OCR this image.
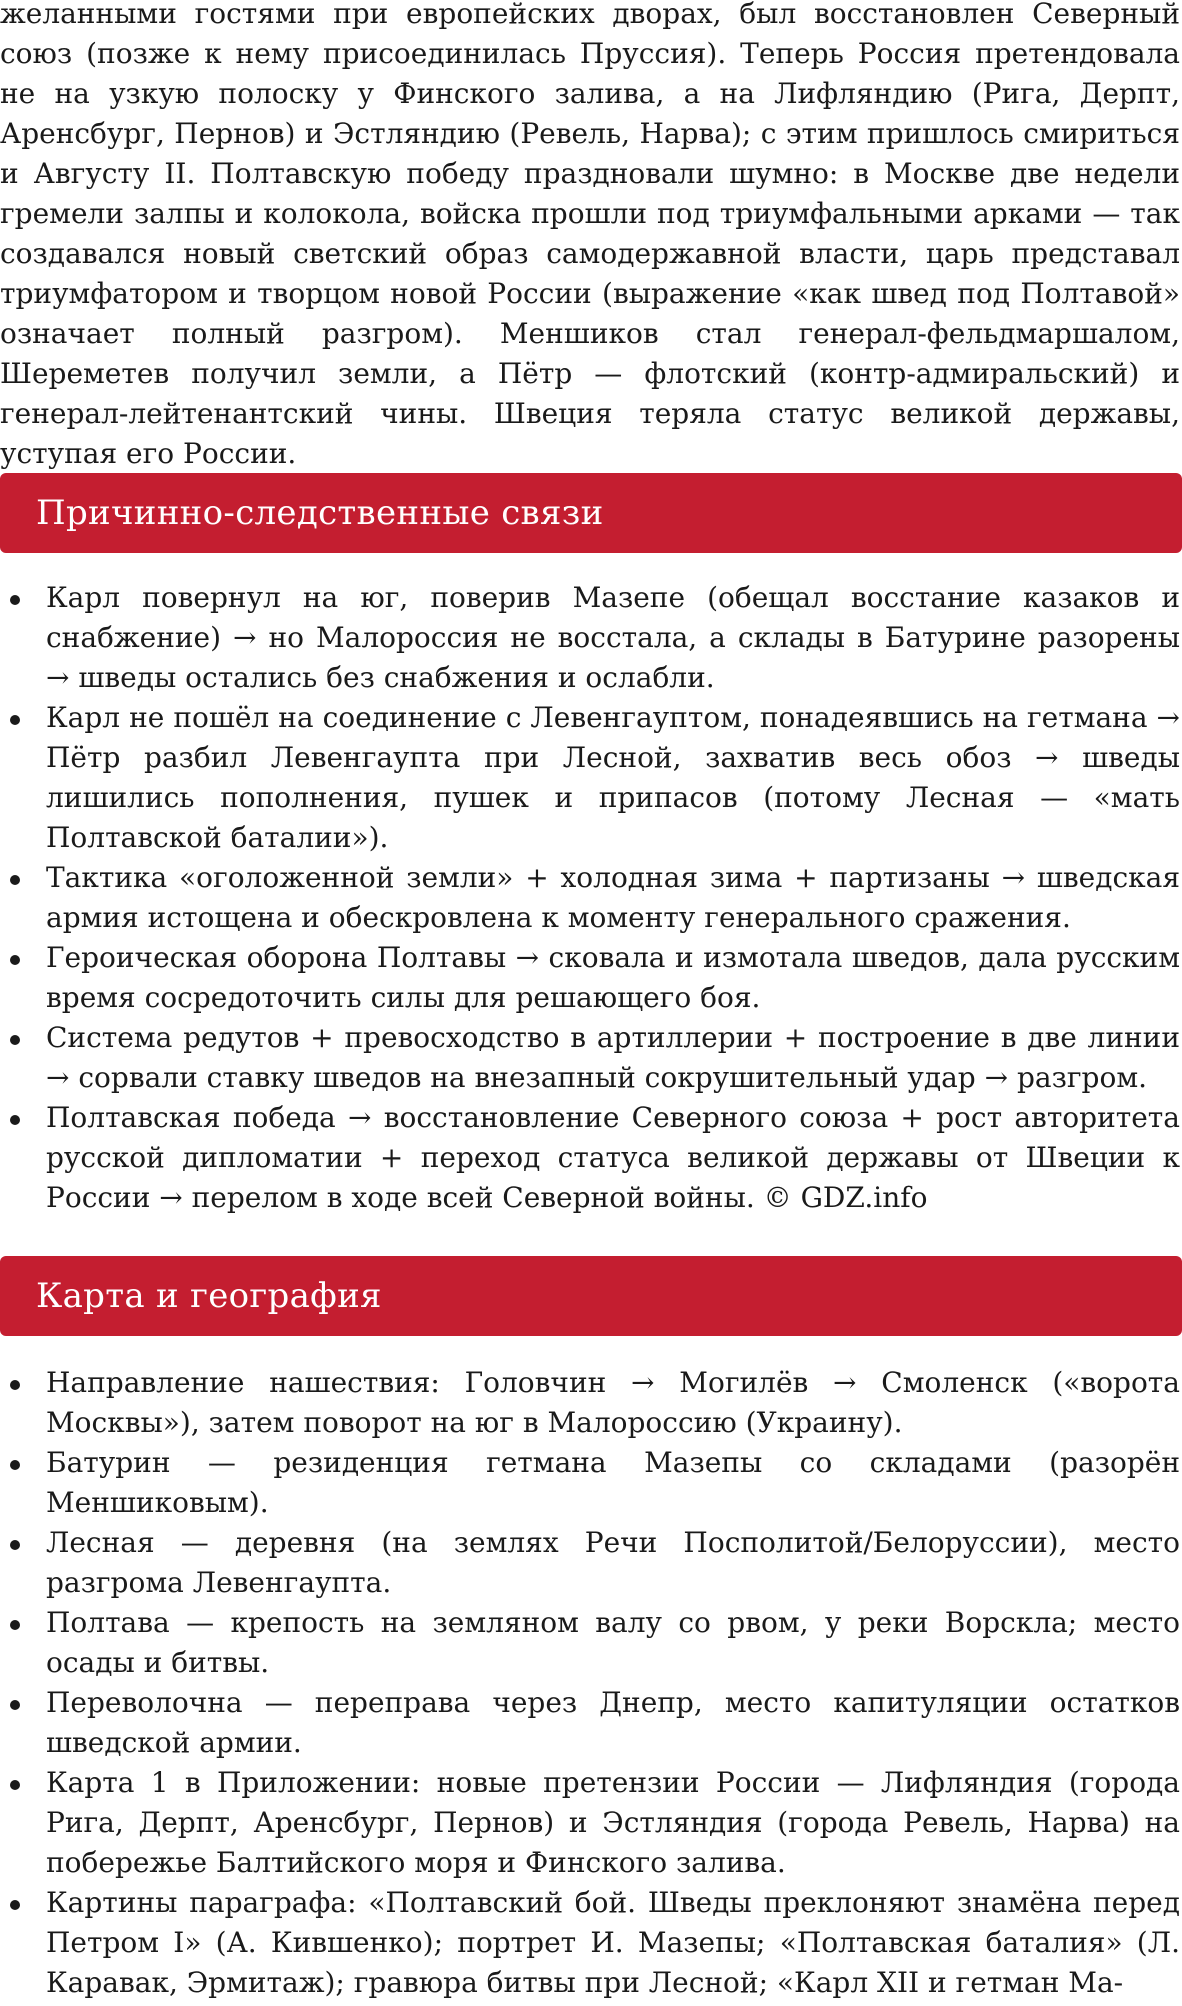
желанными гостями при европейских дворах, был восстановлен Северный союз (позже к нему присоединилась Пруссия). Теперь Россия претендовала не на узкую полоску у Финского залива, а на Лифляндию (Рига, Дерпт, Аренсбург, Пернов) и Эстляндию (Ревель, Нарва); с этим пришлось смириться и Августу II. Полтавскую победу праздновали шумно: в Москве две недели гремели залпы и колокола, войска прошли под триумфальными арками — так создавался новый светский образ самодержавной власти, царь представал триумфатором и творцом новой России (выражение «как швед под Полтавой» означает полный разгром). Меншиков стал генерал-фельдмаршалом, Шереметев получил земли, а Пётр — флотский (контр-адмиральский) и генерал-лейтенантский чины. Швеция теряла статус великой державы, уступая его России.

Причинно-следственные связи
Карл повернул на юг, поверив Мазепе (обещал восстание казаков и снабжение) → но Малороссия не восстала, а склады в Батурине разорены → шведы остались без снабжения и ослабли.
Карл не пошёл на соединение с Левенгауптом, понадеявшись на гетмана → Пётр разбил Левенгаупта при Лесной, захватив весь обоз → шведы лишились пополнения, пушек и припасов (потому Лесная — «мать Полтавской баталии»).
Тактика «оголоженной земли» + холодная зима + партизаны → шведская армия истощена и обескровлена к моменту генерального сражения.
Героическая оборона Полтавы → сковала и измотала шведов, дала русским время сосредоточить силы для решающего боя.
Система редутов + превосходство в артиллерии + построение в две линии → сорвали ставку шведов на внезапный сокрушительный удар → разгром.
Полтавская победа → восстановление Северного союза + рост авторитета русской дипломатии + переход статуса великой державы от Швеции к России → перелом в ходе всей Северной войны. © GDZ.info
Карта и география
Направление нашествия: Головчин → Могилёв → Смоленск («ворота Москвы»), затем поворот на юг в Малороссию (Украину).
Батурин — резиденция гетмана Мазепы со складами (разорён Меншиковым).
Лесная — деревня (на землях Речи Посполитой/Белоруссии), место разгрома Левенгаупта.
Полтава — крепость на земляном валу со рвом, у реки Ворскла; место осады и битвы.
Переволочна — переправа через Днепр, место капитуляции остатков шведской армии.
Карта 1 в Приложении: новые претензии России — Лифляндия (города Рига, Дерпт, Аренсбург, Пернов) и Эстляндия (города Ревель, Нарва) на побережье Балтийского моря и Финского залива.
Картины параграфа: «Полтавский бой. Шведы преклоняют знамёна перед Петром I» (А. Кившенко); портрет И. Мазепы; «Полтавская баталия» (Л. Каравак, Эрмитаж); гравюра битвы при Лесной; «Карл XII и гетман Ма-
